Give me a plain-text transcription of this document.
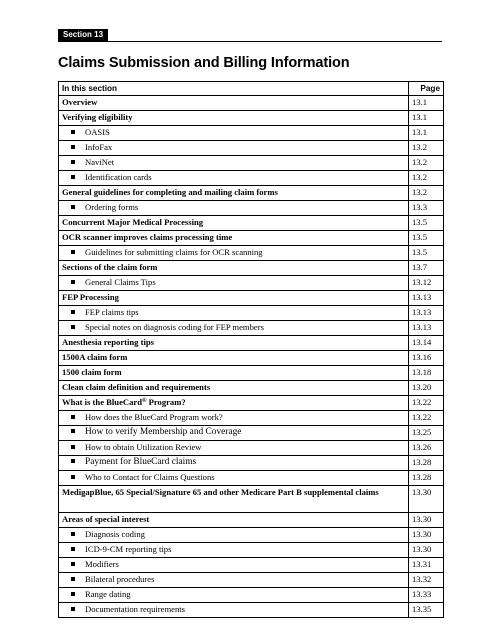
Section 13
Claims Submission and Billing Information
In this section	Page
Overview	13.1
Verifying eligibility	13.1
OASIS	13.1
InfoFax	13.2
NaviNet	13.2
Identification cards	13.2
General guidelines for completing and mailing claim forms	13.2
Ordering forms	13.3
Concurrent Major Medical Processing	13.5
OCR scanner improves claims processing time	13.5
Guidelines for submitting claims for OCR scanning	13.5
Sections of the claim form	13.7
General Claims Tips	13.12
FEP Processing	13.13
FEP claims tips	13.13
Special notes on diagnosis coding for FEP members	13.13
Anesthesia reporting tips	13.14
1500A claim form	13.16
1500 claim form	13.18
Clean claim definition and requirements	13.20
What is the BlueCard® Program?	13.22
How does the BlueCard Program work?	13.22
How to verify Membership and Coverage	13.25
How to obtain Utilization Review	13.26
Payment for BlueCard claims	13.28
Who to Contact for Claims Questions	13.28
MedigapBlue, 65 Special/Signature 65 and other Medicare Part B supplemental claims	13.30
Areas of special interest	13.30
Diagnosis coding	13.30
ICD-9-CM reporting tips	13.30
Modifiers	13.31
Bilateral procedures	13.32
Range dating	13.33
Documentation requirements	13.35
